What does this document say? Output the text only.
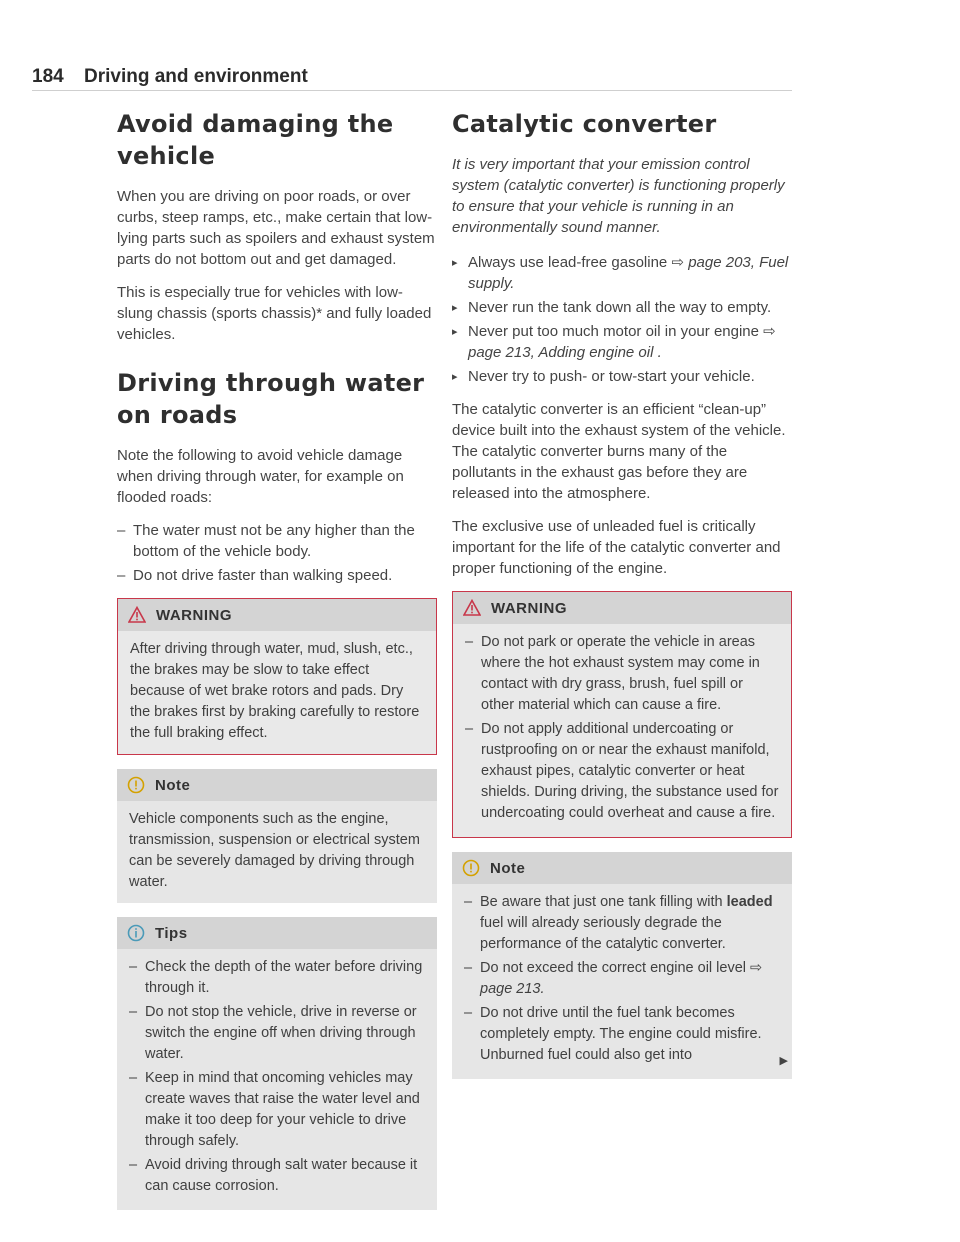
184 Driving and environment
Avoid damaging the vehicle

When you are driving on poor roads, or over curbs, steep ramps, etc., make certain that low-lying parts such as spoilers and exhaust system parts do not bottom out and get damaged.

This is especially true for vehicles with low-slung chassis (sports chassis)* and fully loaded vehicles.

Driving through water on roads

Note the following to avoid vehicle damage when driving through water, for example on flooded roads:

– The water must not be any higher than the bottom of the vehicle body.
– Do not drive faster than walking speed.
WARNING

After driving through water, mud, slush, etc., the brakes may be slow to take effect because of wet brake rotors and pads. Dry the brakes first by braking carefully to restore the full braking effect.

Note

Vehicle components such as the engine, transmission, suspension or electrical system can be severely damaged by driving through water.

Tips
– Check the depth of the water before driving through it.
– Do not stop the vehicle, drive in reverse or switch the engine off when driving through water.
– Keep in mind that oncoming vehicles may create waves that raise the water level and make it too deep for your vehicle to drive through safely.
– Avoid driving through salt water because it can cause corrosion.
Catalytic converter

It is very important that your emission control system (catalytic converter) is functioning properly to ensure that your vehicle is running in an environmentally sound manner.

▸ Always use lead-free gasoline ⇨ page 203, Fuel supply.
▸ Never run the tank down all the way to empty.
▸ Never put too much motor oil in your engine ⇨ page 213, Adding engine oil .
▸ Never try to push- or tow-start your vehicle.

The catalytic converter is an efficient “clean-up” device built into the exhaust system of the vehicle. The catalytic converter burns many of the pollutants in the exhaust gas before they are released into the atmosphere.

The exclusive use of unleaded fuel is critically important for the life of the catalytic converter and proper functioning of the engine.

WARNING
– Do not park or operate the vehicle in areas where the hot exhaust system may come in contact with dry grass, brush, fuel spill or other material which can cause a fire.
– Do not apply additional undercoating or rustproofing on or near the exhaust manifold, exhaust pipes, catalytic converter or heat shields. During driving, the substance used for undercoating could overheat and cause a fire.
Note
– Be aware that just one tank filling with leaded fuel will already seriously degrade the performance of the catalytic converter.
– Do not exceed the correct engine oil level ⇨ page 213.
– Do not drive until the fuel tank becomes completely empty. The engine could misfire. Unburned fuel could also get into	▶
